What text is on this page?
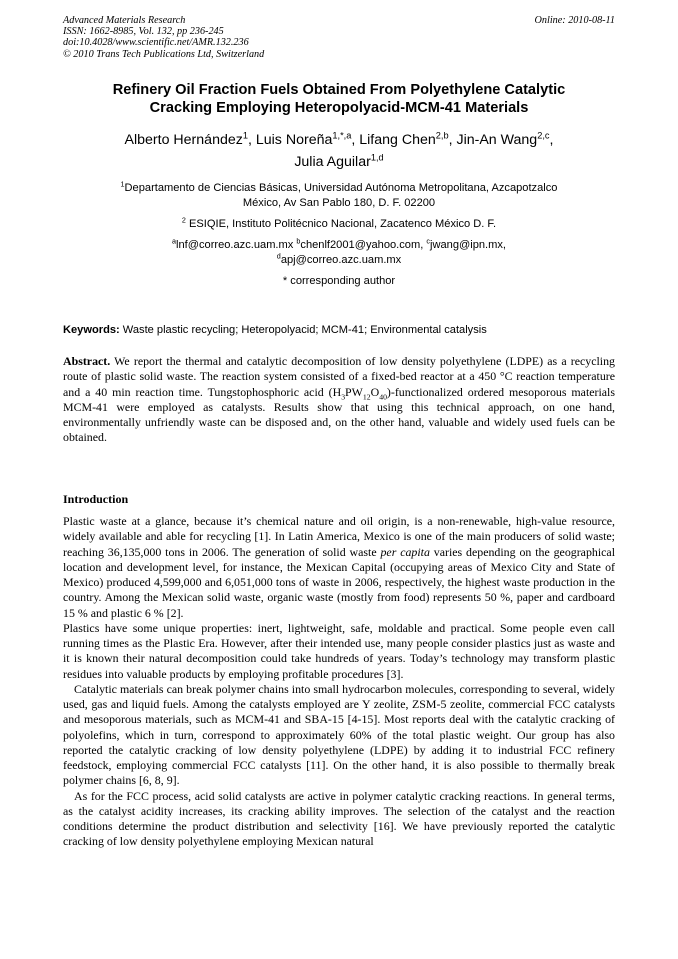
Advanced Materials Research
ISSN: 1662-8985, Vol. 132, pp 236-245
doi:10.4028/www.scientific.net/AMR.132.236
© 2010 Trans Tech Publications Ltd, Switzerland
Online: 2010-08-11
Refinery Oil Fraction Fuels Obtained From Polyethylene Catalytic
Cracking Employing Heteropolyacid-MCM-41 Materials
Alberto Hernández$^1$, Luis Noreña$^{1,*,a}$, Lifang Chen$^{2,b}$, Jin-An Wang$^{2,c}$,
Julia Aguilar$^{1,d}$
$^1$Departamento de Ciencias Básicas, Universidad Autónoma Metropolitana, Azcapotzalco
México, Av San Pablo 180, D. F. 02200
$^2$ ESIQIE, Instituto Politécnico Nacional, Zacatenco México D. F.
$^a$lnf@correo.azc.uam.mx $^b$chenlf2001@yahoo.com, $^c$jwang@ipn.mx,
$^d$apj@correo.azc.uam.mx
* corresponding author
Keywords: Waste plastic recycling; Heteropolyacid; MCM-41; Environmental catalysis

Abstract. We report the thermal and catalytic decomposition of low density polyethylene (LDPE) as a recycling route of plastic solid waste. The reaction system consisted of a fixed-bed reactor at a 450 °C reaction temperature and a 40 min reaction time. Tungstophosphoric acid $(H_3PW_{12}O_{40})$-functionalized ordered mesoporous materials MCM-41 were employed as catalysts. Results show that using this technical approach, on one hand, environmentally unfriendly waste can be disposed and, on the other hand, valuable and widely used fuels can be obtained.

Introduction

Plastic waste at a glance, because it’s chemical nature and oil origin, is a non-renewable, high-value resource, widely available and able for recycling [1]. In Latin America, Mexico is one of the main producers of solid waste; reaching 36,135,000 tons in 2006. The generation of solid waste per capita varies depending on the geographical location and development level, for instance, the Mexican Capital (occupying areas of Mexico City and State of Mexico) produced 4,599,000 and 6,051,000 tons of waste in 2006, respectively, the highest waste production in the country. Among the Mexican solid waste, organic waste (mostly from food) represents 50 %, paper and cardboard 15 % and plastic 6 % [2].

Plastics have some unique properties: inert, lightweight, safe, moldable and practical. Some people even call running times as the Plastic Era. However, after their intended use, many people consider plastics just as waste and it is known their natural decomposition could take hundreds of years. Today’s technology may transform plastic residues into valuable products by employing profitable procedures [3].

Catalytic materials can break polymer chains into small hydrocarbon molecules, corresponding to several, widely used, gas and liquid fuels. Among the catalysts employed are Y zeolite, ZSM-5 zeolite, commercial FCC catalysts and mesoporous materials, such as MCM-41 and SBA-15 [4-15]. Most reports deal with the catalytic cracking of polyolefins, which in turn, correspond to approximately 60% of the total plastic weight. Our group has also reported the catalytic cracking of low density polyethylene (LDPE) by adding it to industrial FCC refinery feedstock, employing commercial FCC catalysts [11]. On the other hand, it is also possible to thermally break polymer chains [6, 8, 9].

As for the FCC process, acid solid catalysts are active in polymer catalytic cracking reactions. In general terms, as the catalyst acidity increases, its cracking ability improves. The selection of the catalyst and the reaction conditions determine the product distribution and selectivity [16]. We have previously reported the catalytic cracking of low density polyethylene employing Mexican natural
